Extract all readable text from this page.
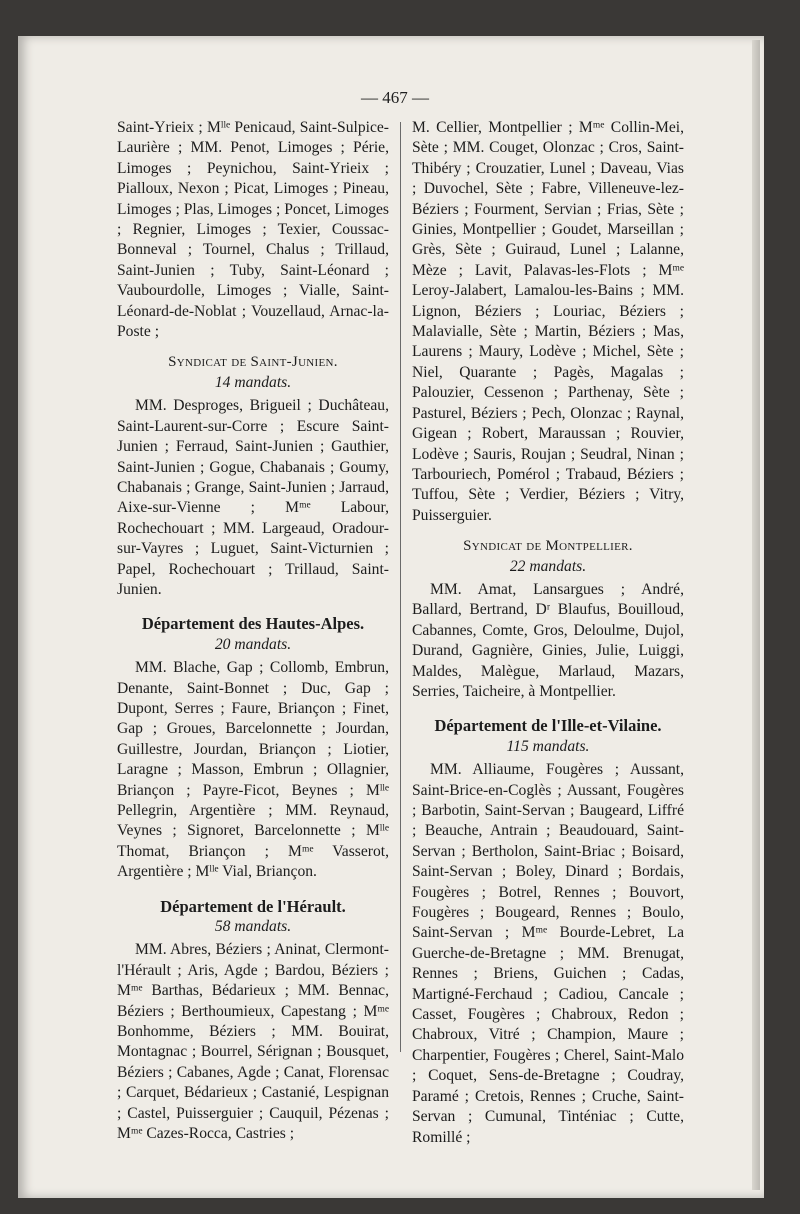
— 467 —

Saint-Yrieix ; Mˡˡᵉ Penicaud, Saint-Sulpice-Laurière ; MM. Penot, Limoges ; Périe, Limoges ; Peynichou, Saint-Yrieix ; Pialloux, Nexon ; Picat, Limoges ; Pineau, Limoges ; Plas, Limoges ; Poncet, Limoges ; Regnier, Limoges ; Texier, Coussac-Bonneval ; Tournel, Chalus ; Trillaud, Saint-Junien ; Tuby, Saint-Léonard ; Vaubourdolle, Limoges ; Vialle, Saint-Léonard-de-Noblat ; Vouzellaud, Arnac-la-Poste ;

Syndicat de Saint-Junien.

14 mandats.

MM. Desproges, Brigueil ; Duchâteau, Saint-Laurent-sur-Corre ; Escure Saint-Junien ; Ferraud, Saint-Junien ; Gauthier, Saint-Junien ; Gogue, Chabanais ; Goumy, Chabanais ; Grange, Saint-Junien ; Jarraud, Aixe-sur-Vienne ; Mᵐᵉ Labour, Rochechouart ; MM. Largeaud, Oradour-sur-Vayres ; Luguet, Saint-Victurnien ; Papel, Rochechouart ; Trillaud, Saint-Junien.

Département des Hautes-Alpes.

20 mandats.

MM. Blache, Gap ; Collomb, Embrun, Denante, Saint-Bonnet ; Duc, Gap ; Dupont, Serres ; Faure, Briançon ; Finet, Gap ; Groues, Barcelonnette ; Jourdan, Guillestre, Jourdan, Briançon ; Liotier, Laragne ; Masson, Embrun ; Ollagnier, Briançon ; Payre-Ficot, Beynes ; Mˡˡᵉ Pellegrin, Argentière ; MM. Reynaud, Veynes ; Signoret, Barcelonnette ; Mˡˡᵉ Thomat, Briançon ; Mᵐᵉ Vasserot, Argentière ; Mˡˡᵉ Vial, Briançon.

Département de l'Hérault.

58 mandats.

MM. Abres, Béziers ; Aninat, Clermont-l'Hérault ; Aris, Agde ; Bardou, Béziers ; Mᵐᵉ Barthas, Bédarieux ; MM. Bennac, Béziers ; Berthoumieux, Capestang ; Mᵐᵉ Bonhomme, Béziers ; MM. Bouirat, Montagnac ; Bourrel, Sérignan ; Bousquet, Béziers ; Cabanes, Agde ; Canat, Florensac ; Carquet, Bédarieux ; Castanié, Lespignan ; Castel, Puisserguier ; Cauquil, Pézenas ; Mᵐᵉ Cazes-Rocca, Castries ;

M. Cellier, Montpellier ; Mᵐᵉ Collin-Mei, Sète ; MM. Couget, Olonzac ; Cros, Saint-Thibéry ; Crouzatier, Lunel ; Daveau, Vias ; Duvochel, Sète ; Fabre, Villeneuve-lez-Béziers ; Fourment, Servian ; Frias, Sète ; Ginies, Montpellier ; Goudet, Marseillan ; Grès, Sète ; Guiraud, Lunel ; Lalanne, Mèze ; Lavit, Palavas-les-Flots ; Mᵐᵉ Leroy-Jalabert, Lamalou-les-Bains ; MM. Lignon, Béziers ; Louriac, Béziers ; Malavialle, Sète ; Martin, Béziers ; Mas, Laurens ; Maury, Lodève ; Michel, Sète ; Niel, Quarante ; Pagès, Magalas ; Palouzier, Cessenon ; Parthenay, Sète ; Pasturel, Béziers ; Pech, Olonzac ; Raynal, Gigean ; Robert, Maraussan ; Rouvier, Lodève ; Sauris, Roujan ; Seudral, Ninan ; Tarbouriech, Pomérol ; Trabaud, Béziers ; Tuffou, Sète ; Verdier, Béziers ; Vitry, Puisserguier.

Syndicat de Montpellier.

22 mandats.

MM. Amat, Lansargues ; André, Ballard, Bertrand, Dʳ Blaufus, Bouilloud, Cabannes, Comte, Gros, Deloulme, Dujol, Durand, Gagnière, Ginies, Julie, Luiggi, Maldes, Malègue, Marlaud, Mazars, Serries, Taicheire, à Montpellier.

Département de l'Ille-et-Vilaine.

115 mandats.

MM. Alliaume, Fougères ; Aussant, Saint-Brice-en-Coglès ; Aussant, Fougères ; Barbotin, Saint-Servan ; Baugeard, Liffré ; Beauche, Antrain ; Beaudouard, Saint-Servan ; Bertholon, Saint-Briac ; Boisard, Saint-Servan ; Boley, Dinard ; Bordais, Fougères ; Botrel, Rennes ; Bouvort, Fougères ; Bougeard, Rennes ; Boulo, Saint-Servan ; Mᵐᵉ Bourde-Lebret, La Guerche-de-Bretagne ; MM. Brenugat, Rennes ; Briens, Guichen ; Cadas, Martigné-Ferchaud ; Cadiou, Cancale ; Casset, Fougères ; Chabroux, Redon ; Chabroux, Vitré ; Champion, Maure ; Charpentier, Fougères ; Cherel, Saint-Malo ; Coquet, Sens-de-Bretagne ; Coudray, Paramé ; Cretois, Rennes ; Cruche, Saint-Servan ; Cumunal, Tinténiac ; Cutte, Romillé ;
